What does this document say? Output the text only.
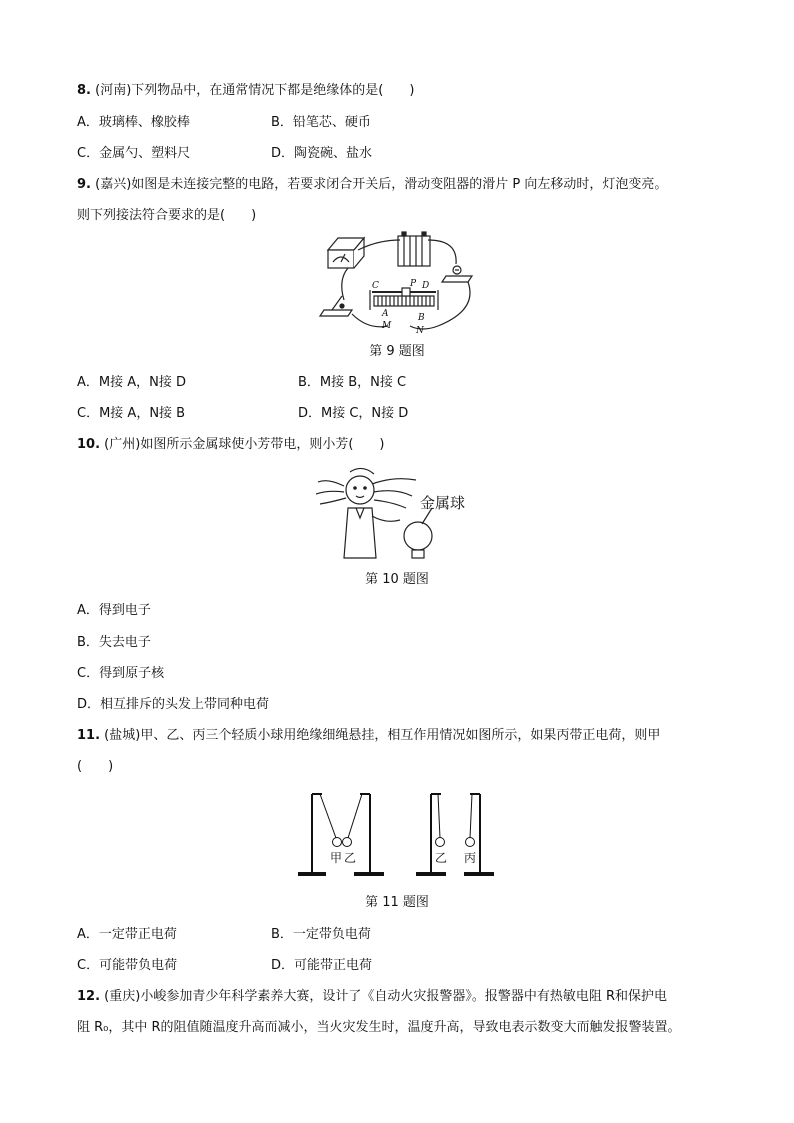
8. (河南)下列物品中，在通常情况下都是绝缘体的是(　　)
A．玻璃棒、橡胶棒	B．铅笔芯、硬币
C．金属勺、塑料尺	D．陶瓷碗、盐水
9. (嘉兴)如图是未连接完整的电路，若要求闭合开关后，滑动变阻器的滑片 P 向左移动时，灯泡变亮。
则下列接法符合要求的是(　　)
C	P D
A	B
M	N
第 9 题图
A．M接 A，N接 D	B．M接 B，N接 C
C．M接 A，N接 B	D．M接 C，N接 D
10. (广州)如图所示金属球使小芳带电，则小芳(　　)
金属球
第 10 题图
A．得到电子
B．失去电子
C．得到原子核
D．相互排斥的头发上带同种电荷
11. (盐城)甲、乙、丙三个轻质小球用绝缘细绳悬挂，相互作用情况如图所示，如果丙带正电荷，则甲
(　　)
甲 乙	乙 丙
第 11 题图
A．一定带正电荷	B．一定带负电荷
C．可能带负电荷	D．可能带正电荷
12. (重庆)小峻参加青少年科学素养大赛，设计了《自动火灾报警器》。报警器中有热敏电阻 R和保护电
阻 R₀，其中 R的阻值随温度升高而减小，当火灾发生时，温度升高，导致电表示数变大而触发报警装置。
